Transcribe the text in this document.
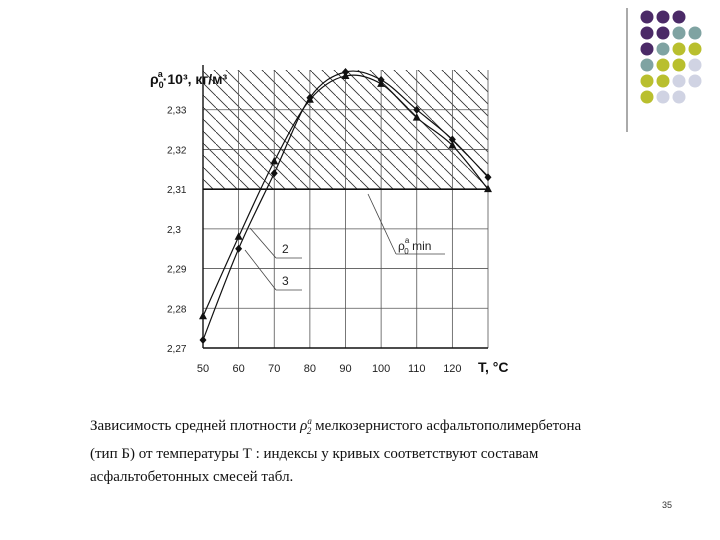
2,27
2,28
2,29
2,3
2,31
2,32
2,33
50 60 70 80 90 100 110 120
$\rho_0a\cdot 10^3$, кг/м³
T, °C
2
3
$\rho^a$ 0 min

Зависимость средней плотности $\rho^a_2$ мелкозернистого асфальтополимербетона

(тип Б) от температуры Т : индексы у кривых соответствуют составам

асфальтобетонных смесей табл.

35
